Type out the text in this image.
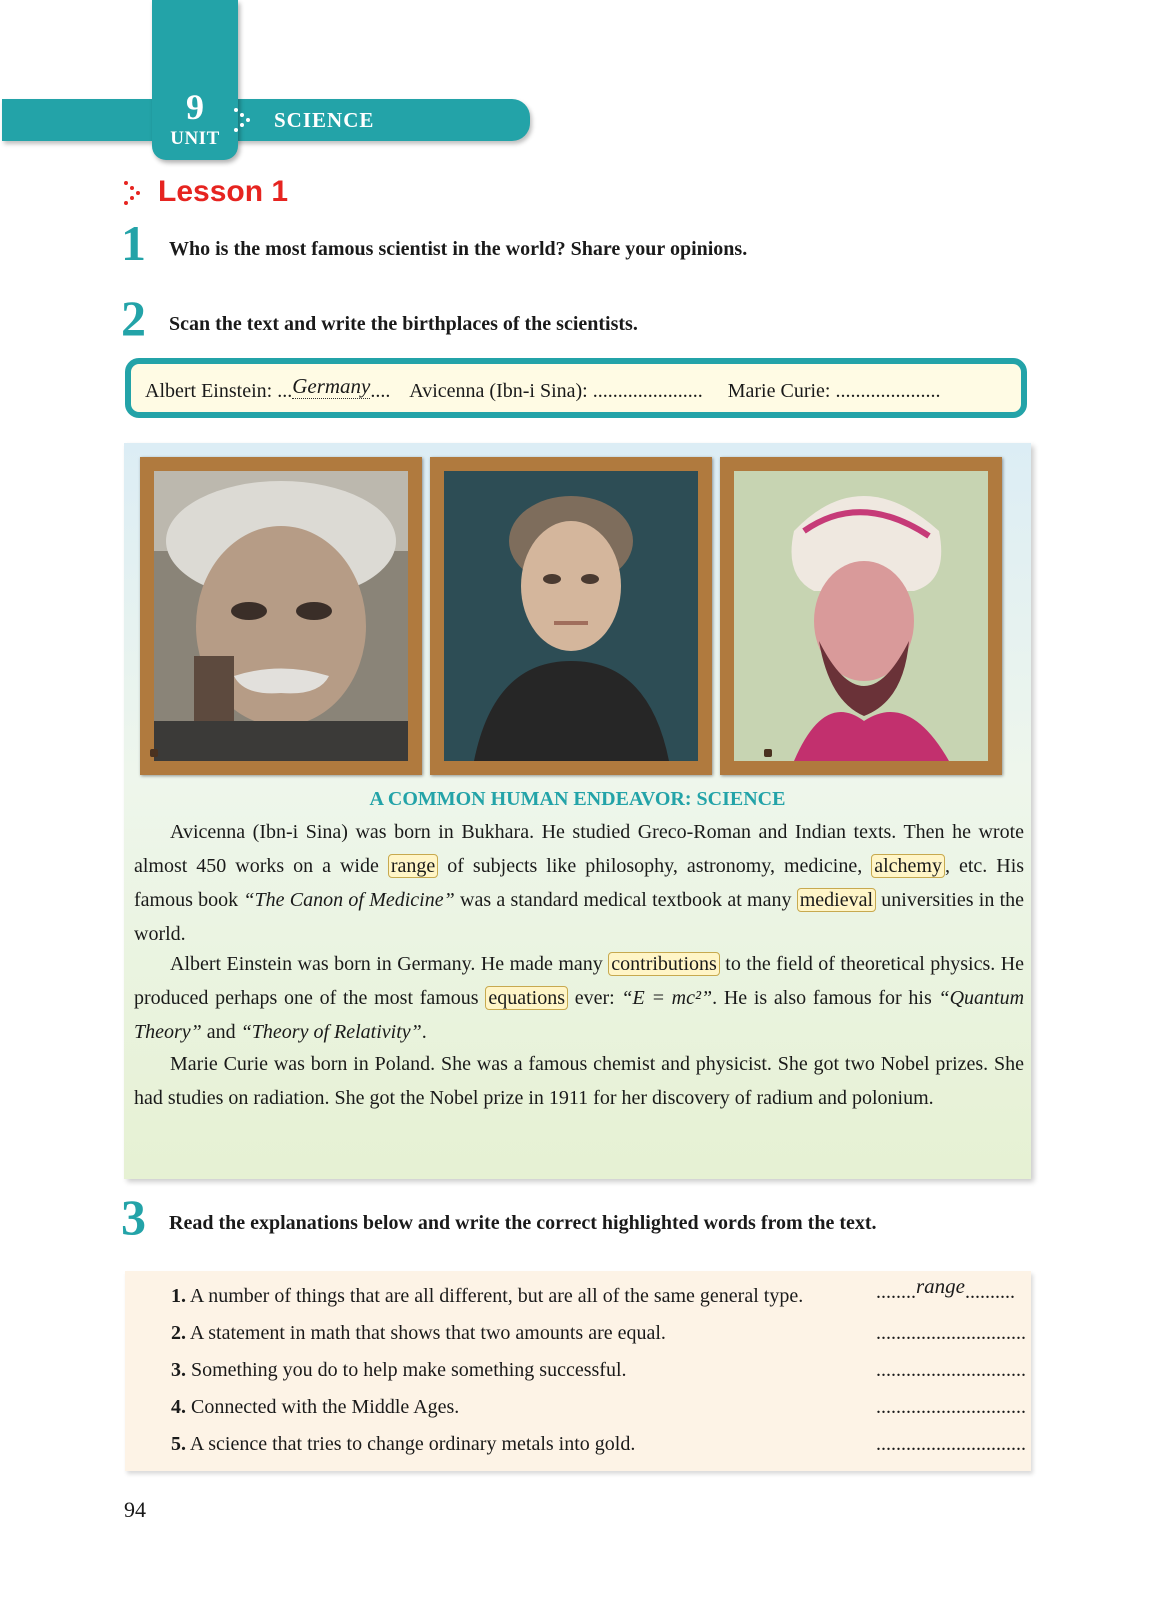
9
UNIT
SCIENCE
Lesson 1
1 Who is the most famous scientist in the world? Share your opinions.
2 Scan the text and write the birthplaces of the scientists.
Albert Einstein: ...Germany.... Avicenna (Ibn-i Sina): ...................... Marie Curie: .....................
A COMMON HUMAN ENDEAVOR: SCIENCE

Avicenna (Ibn-i Sina) was born in Bukhara. He studied Greco-Roman and Indian texts. Then he wrote almost 450 works on a wide range of subjects like philosophy, astronomy, medicine, alchemy , etc. His famous book “The Canon of Medicine” was a standard medical textbook at many medieval universities in the world.

Albert Einstein was born in Germany. He made many contributions to the field of theoretical physics. He produced perhaps one of the most famous equations ever: “E = mc²”. He is also famous for his “Quantum Theory” and “Theory of Relativity”.

Marie Curie was born in Poland. She was a famous chemist and physicist. She got two Nobel prizes. She had studies on radiation. She got the Nobel prize in 1911 for her discovery of radium and polonium.

3 Read the explanations below and write the correct highlighted words from the text.
1. A number of things that are all different, but are all of the same general type.	........range..........
2. A statement in math that shows that two amounts are equal.	..............................
3. Something you do to help make something successful.	..............................
4. Connected with the Middle Ages.	..............................
5. A science that tries to change ordinary metals into gold.	..............................
94
